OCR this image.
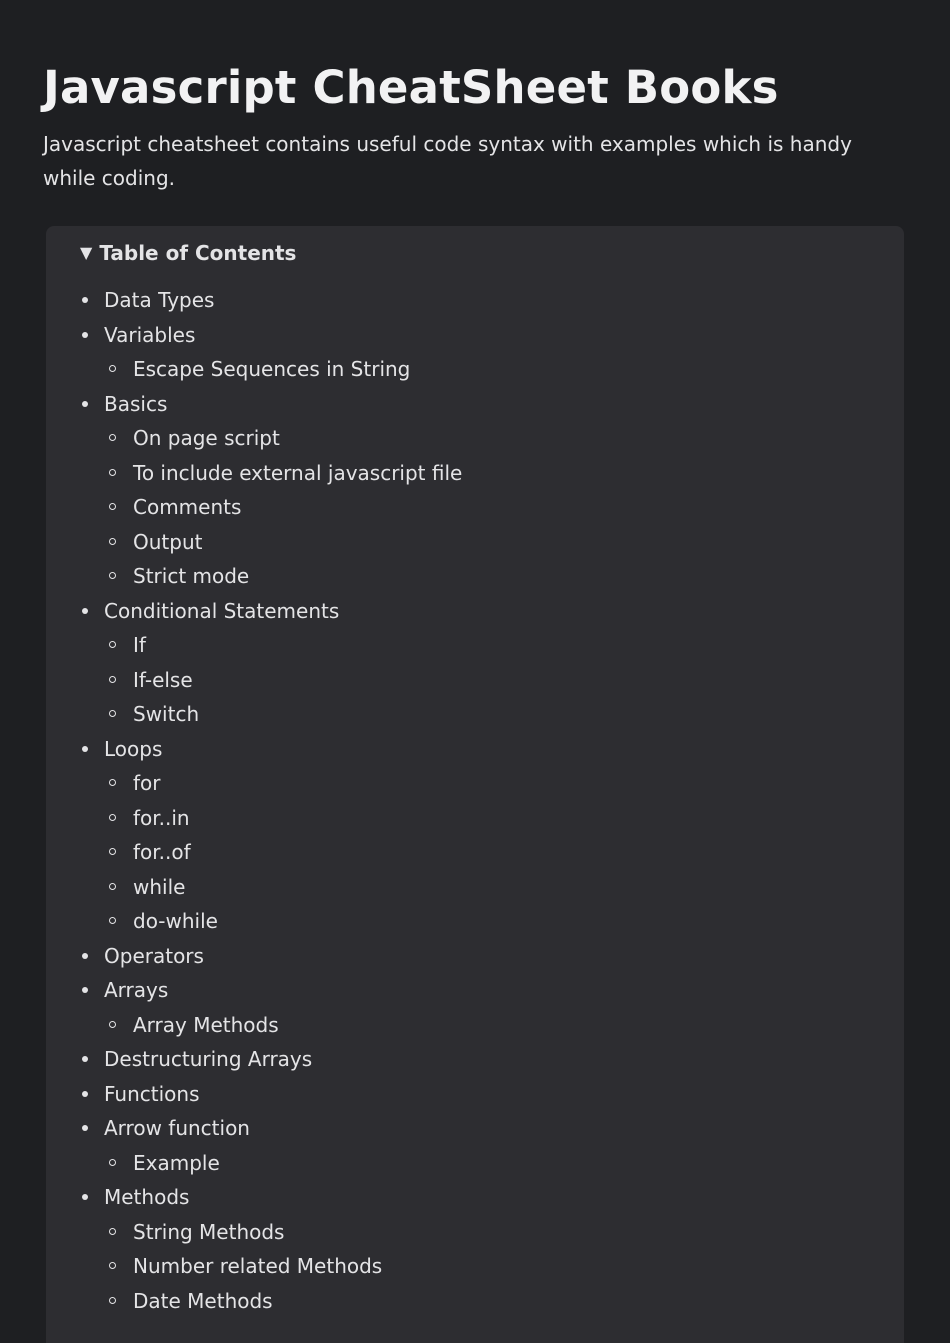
Javascript CheatSheet Books

Javascript cheatsheet contains useful code syntax with examples which is handy while coding.

▼ Table of Contents
Data Types
Variables
Escape Sequences in String
Basics
On page script
To include external javascript file
Comments
Output
Strict mode
Conditional Statements
If
If-else
Switch
Loops
for
for..in
for..of
while
do-while
Operators
Arrays
Array Methods
Destructuring Arrays
Functions
Arrow function
Example
Methods
String Methods
Number related Methods
Date Methods
